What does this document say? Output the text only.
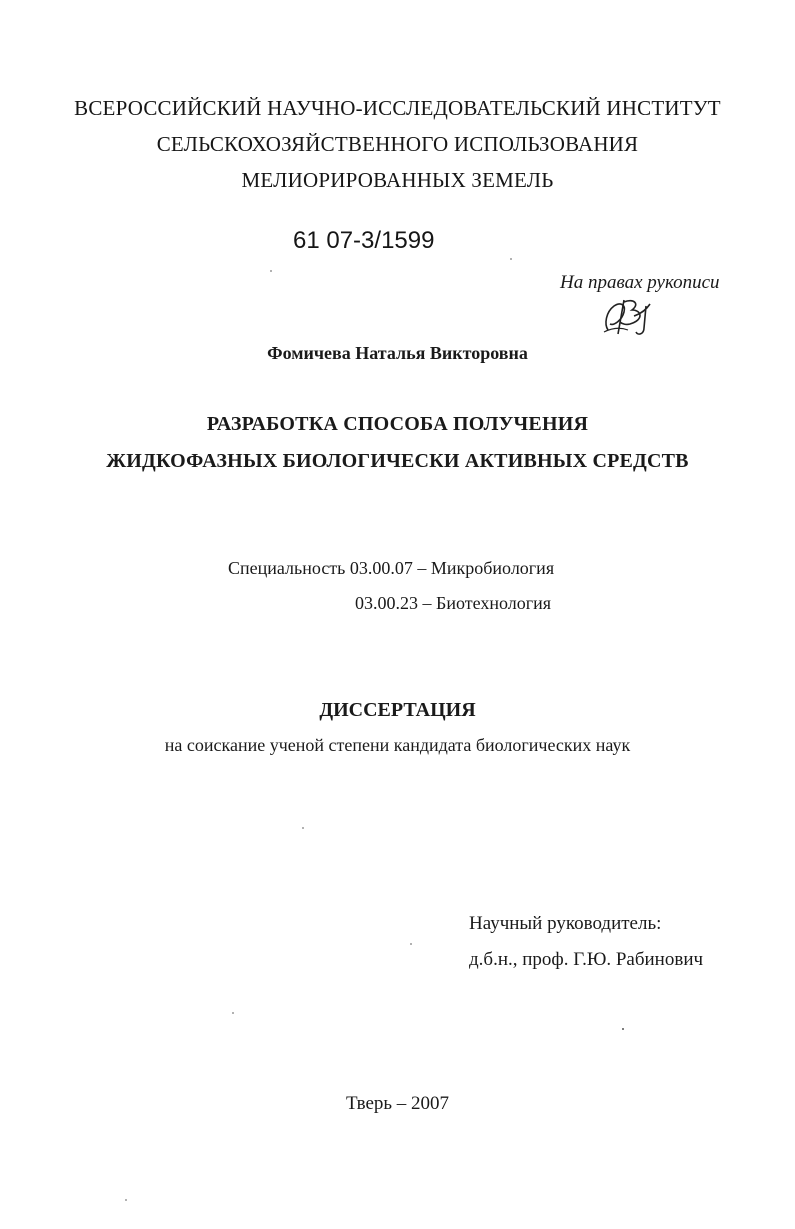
ВСЕРОССИЙСКИЙ НАУЧНО-ИССЛЕДОВАТЕЛЬСКИЙ ИНСТИТУТ
СЕЛЬСКОХОЗЯЙСТВЕННОГО ИСПОЛЬЗОВАНИЯ
МЕЛИОРИРОВАННЫХ ЗЕМЕЛЬ
61 07-3/1599
На правах рукописи
Фомичева Наталья Викторовна
РАЗРАБОТКА СПОСОБА ПОЛУЧЕНИЯ
ЖИДКОФАЗНЫХ БИОЛОГИЧЕСКИ АКТИВНЫХ СРЕДСТВ
Специальность 03.00.07 – Микробиология
03.00.23 – Биотехнология
ДИССЕРТАЦИЯ
на соискание ученой степени кандидата биологических наук
Научный руководитель:
д.б.н., проф. Г.Ю. Рабинович
Тверь – 2007
